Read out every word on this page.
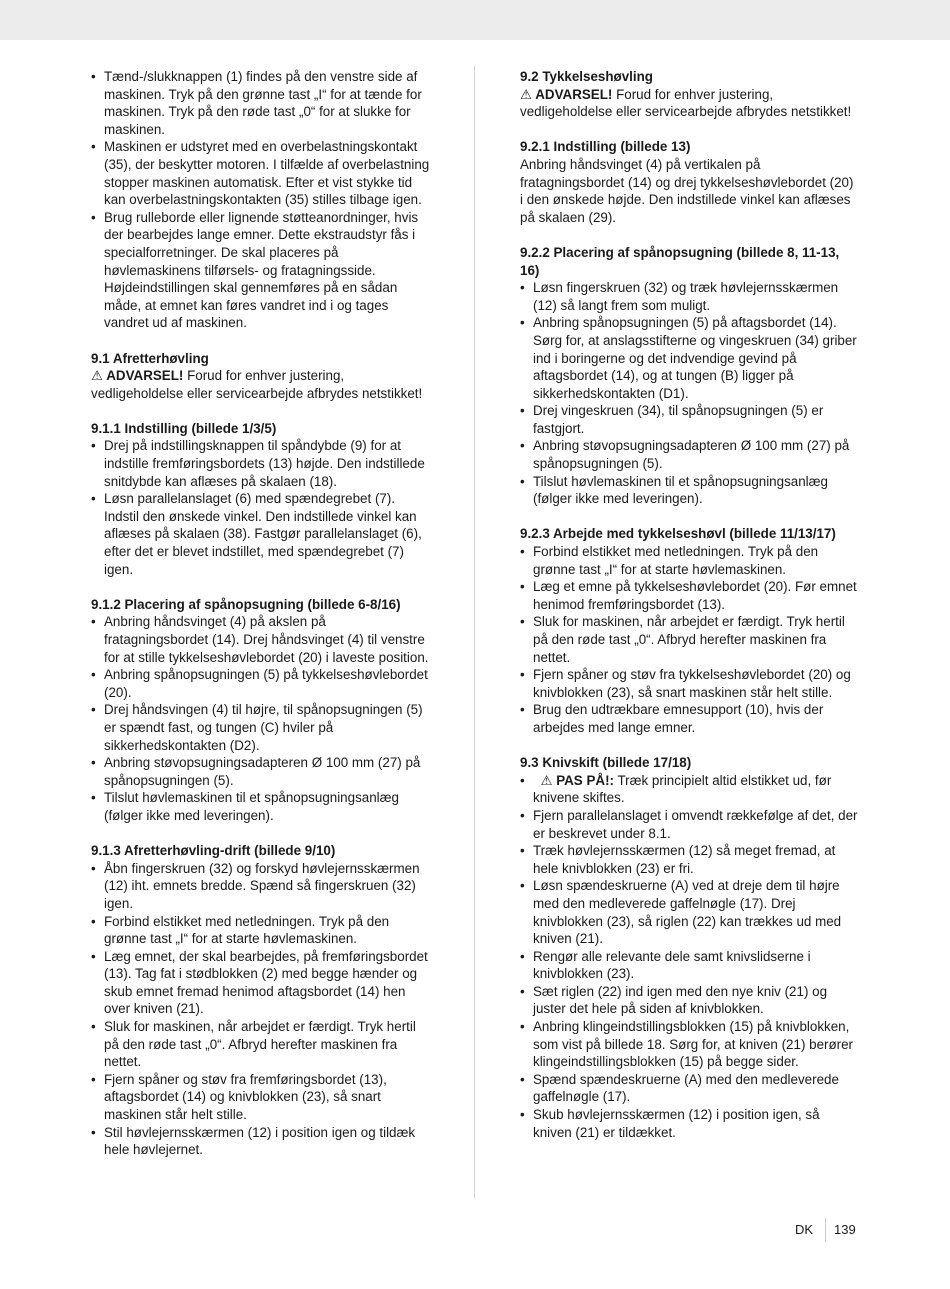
• Tænd-/slukknappen (1) findes på den venstre side af maskinen. Tryk på den grønne tast „I“ for at tænde for maskinen. Tryk på den røde tast „0“ for at slukke for maskinen.
• Maskinen er udstyret med en overbelastningskontakt (35), der beskytter motoren. I tilfælde af overbelastning stopper maskinen automatisk. Efter et vist stykke tid kan overbelastningskontakten (35) stilles tilbage igen.
• Brug rulleborde eller lignende støtteanordninger, hvis der bearbejdes lange emner. Dette ekstraudstyr fås i specialforretninger. De skal placeres på høvlemaskinens tilførsels- og fratagningsside. Højdeindstillingen skal gennemføres på en sådan måde, at emnet kan føres vandret ind i og tages vandret ud af maskinen.

9.1 Afretterhøvling

⚠ ADVARSEL! Forud for enhver justering, vedligeholdelse eller servicearbejde afbrydes netstikket!

9.1.1 Indstilling (billede 1/3/5)

• Drej på indstillingsknappen til spåndybde (9) for at indstille fremføringsbordets (13) højde. Den indstillede snitdybde kan aflæses på skalaen (18).
• Løsn parallelanslaget (6) med spændegrebet (7). Indstil den ønskede vinkel. Den indstillede vinkel kan aflæses på skalaen (38). Fastgør parallelanslaget (6), efter det er blevet indstillet, med spændegrebet (7) igen.

9.1.2 Placering af spånopsugning (billede 6-8/16)

• Anbring håndsvinget (4) på akslen på fratagningsbordet (14). Drej håndsvinget (4) til venstre for at stille tykkelseshøvlebordet (20) i laveste position.
• Anbring spånopsugningen (5) på tykkelseshøvlebordet (20).
• Drej håndsvingen (4) til højre, til spånopsugningen (5) er spændt fast, og tungen (C) hviler på sikkerhedskontakten (D2).
• Anbring støvopsugningsadapteren Ø 100 mm (27) på spånopsugningen (5).
• Tilslut høvlemaskinen til et spånopsugningsanlæg (følger ikke med leveringen).

9.1.3 Afretterhøvling-drift (billede 9/10)

• Åbn fingerskruen (32) og forskyd høvlejernsskærmen (12) iht. emnets bredde. Spænd så fingerskruen (32) igen.
• Forbind elstikket med netledningen. Tryk på den grønne tast „I“ for at starte høvlemaskinen.
• Læg emnet, der skal bearbejdes, på fremføringsbordet (13). Tag fat i stødblokken (2) med begge hænder og skub emnet fremad henimod aftagsbordet (14) hen over kniven (21).
• Sluk for maskinen, når arbejdet er færdigt. Tryk hertil på den røde tast „0“. Afbryd herefter maskinen fra nettet.
• Fjern spåner og støv fra fremføringsbordet (13), aftagsbordet (14) og knivblokken (23), så snart maskinen står helt stille.
• Stil høvlejernsskærmen (12) i position igen og tildæk hele høvlejernet.

9.2 Tykkelseshøvling

⚠ ADVARSEL! Forud for enhver justering, vedligeholdelse eller servicearbejde afbrydes netstikket!

9.2.1 Indstilling (billede 13)

Anbring håndsvinget (4) på vertikalen på fratagningsbordet (14) og drej tykkelseshøvlebordet (20) i den ønskede højde. Den indstillede vinkel kan aflæses på skalaen (29).

9.2.2 Placering af spånopsugning (billede 8, 11-13, 16)

• Løsn fingerskruen (32) og træk høvlejernsskærmen (12) så langt frem som muligt.
• Anbring spånopsugningen (5) på aftagsbordet (14). Sørg for, at anslagsstifterne og vingeskruen (34) griber ind i boringerne og det indvendige gevind på aftagsbordet (14), og at tungen (B) ligger på sikkerhedskontakten (D1).
• Drej vingeskruen (34), til spånopsugningen (5) er fastgjort.
• Anbring støvopsugningsadapteren Ø 100 mm (27) på spånopsugningen (5).
• Tilslut høvlemaskinen til et spånopsugningsanlæg (følger ikke med leveringen).

9.2.3 Arbejde med tykkelseshøvl (billede 11/13/17)

• Forbind elstikket med netledningen. Tryk på den grønne tast „I“ for at starte høvlemaskinen.
• Læg et emne på tykkelseshøvlebordet (20). Før emnet henimod fremføringsbordet (13).
• Sluk for maskinen, når arbejdet er færdigt. Tryk hertil på den røde tast „0“. Afbryd herefter maskinen fra nettet.
• Fjern spåner og støv fra tykkelseshøvlebordet (20) og knivblokken (23), så snart maskinen står helt stille.
• Brug den udtrækbare emnesupport (10), hvis der arbejdes med lange emner.

9.3 Knivskift (billede 17/18)

• ⚠ PAS PÅ!: Træk principielt altid elstikket ud, før knivene skiftes.
• Fjern parallelanslaget i omvendt rækkefølge af det, der er beskrevet under 8.1.
• Træk høvlejernsskærmen (12) så meget fremad, at hele knivblokken (23) er fri.
• Løsn spændeskruerne (A) ved at dreje dem til højre med den medleverede gaffelnøgle (17). Drej knivblokken (23), så riglen (22) kan trækkes ud med kniven (21).
• Rengør alle relevante dele samt knivslidserne i knivblokken (23).
• Sæt riglen (22) ind igen med den nye kniv (21) og juster det hele på siden af knivblokken.
• Anbring klingeindstillingsblokken (15) på knivblokken, som vist på billede 18. Sørg for, at kniven (21) berører klingeindstillingsblokken (15) på begge sider.
• Spænd spændeskruerne (A) med den medleverede gaffelnøgle (17).
• Skub høvlejernsskærmen (12) i position igen, så kniven (21) er tildækket.
DK 139
